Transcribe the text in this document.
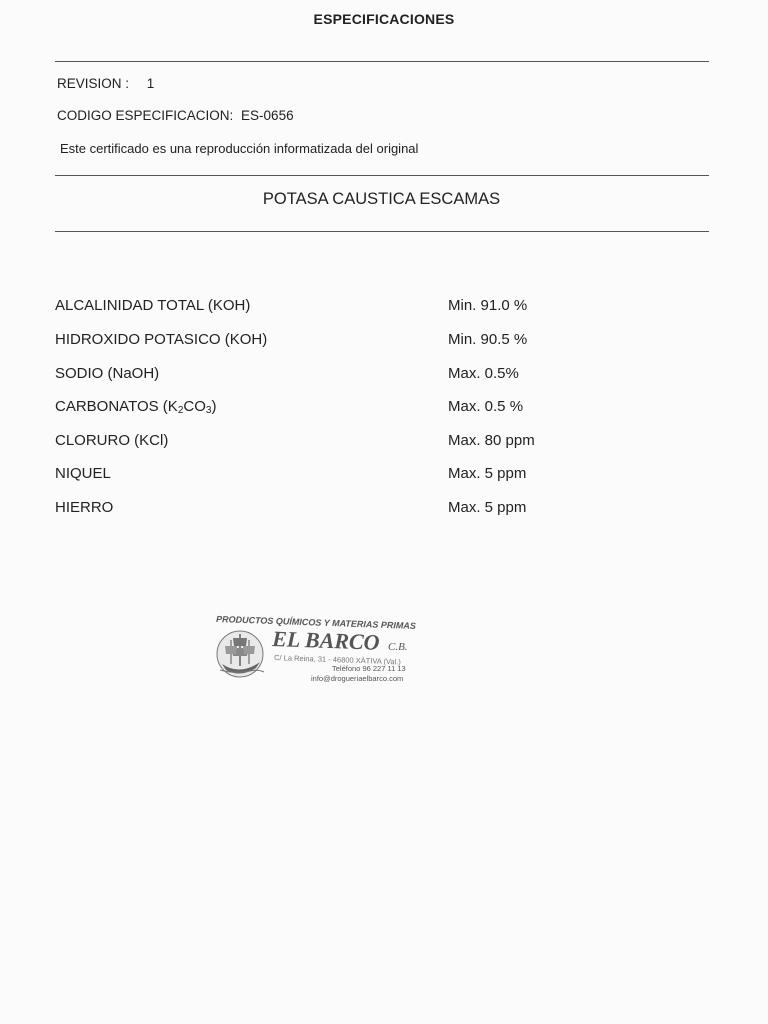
ESPECIFICACIONES
REVISION : 1
CODIGO ESPECIFICACION: ES-0656
Este certificado es una reproducción informatizada del original
POTASA CAUSTICA ESCAMAS
ALCALINIDAD TOTAL (KOH)	Min. 91.0 %
HIDROXIDO POTASICO (KOH)	Min. 90.5 %
SODIO (NaOH)	Max. 0.5%
CARBONATOS $(K_2CO_3)$	Max. 0.5 %
CLORURO (KCl)	Max. 80 ppm
NIQUEL	Max. 5 ppm
HIERRO	Max. 5 ppm
PRODUCTOS QUÍMICOS Y MATERIAS PRIMAS
EL BARCO C.B.
C/ La Reina, 31 - 46800 XÀTIVA (Val.)
Teléfono 96 227 11 13
info@drogueriaelbarco.com
